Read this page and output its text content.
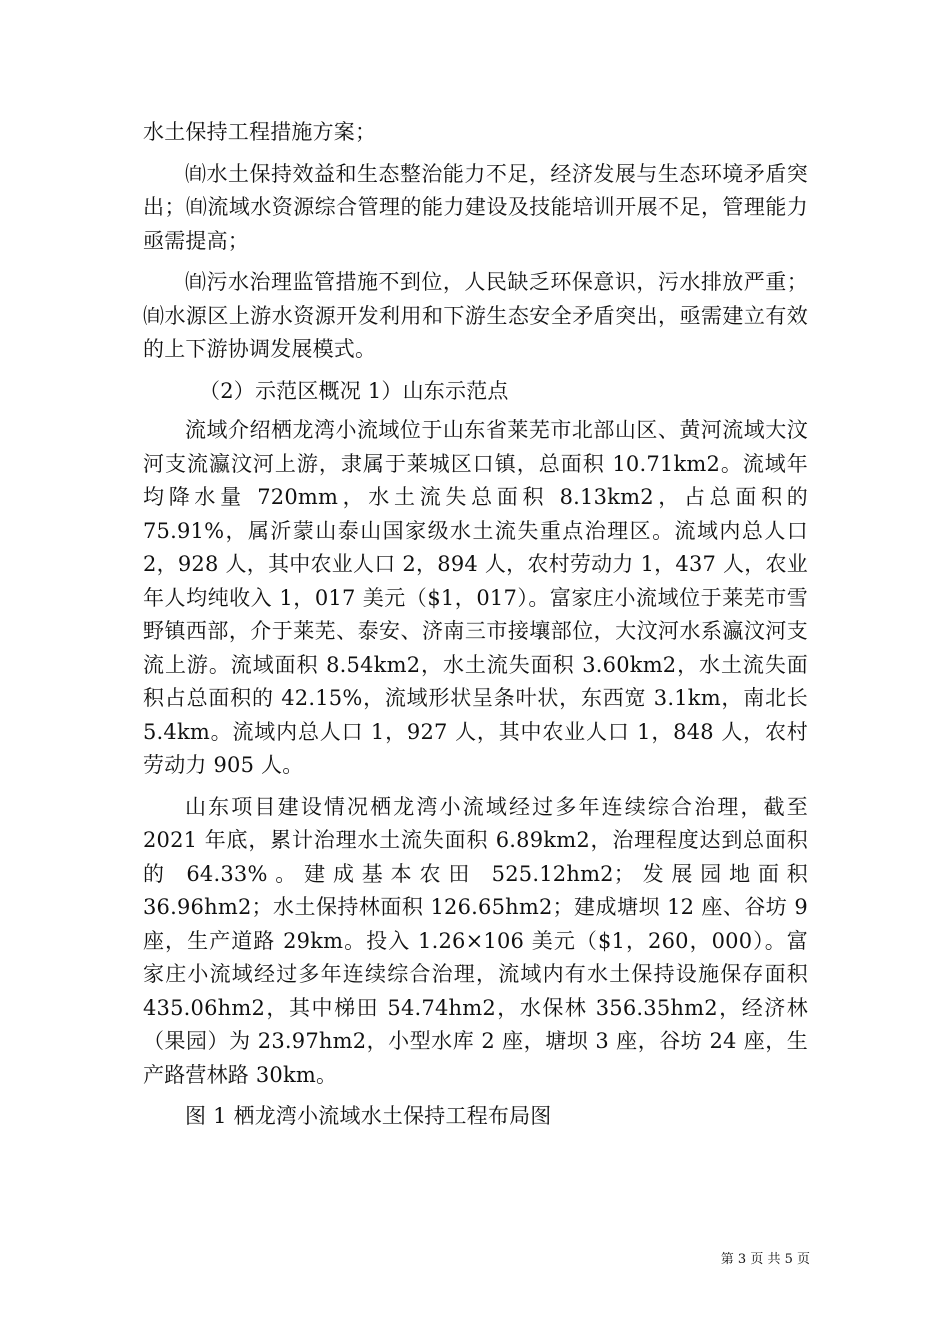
水土保持工程措施方案；

㉂水土保持效益和生态整治能力不足，经济发展与生态环境矛盾突出；㉂流域水资源综合管理的能力建设及技能培训开展不足，管理能力亟需提高；

㉂污水治理监管措施不到位，人民缺乏环保意识，污水排放严重；㉂水源区上游水资源开发利用和下游生态安全矛盾突出，亟需建立有效的上下游协调发展模式。

（2）示范区概况 1）山东示范点

流域介绍栖龙湾小流域位于山东省莱芜市北部山区、黄河流域大汶河支流瀛汶河上游，隶属于莱城区口镇，总面积 10.71km2。流域年均降水量 720mm，水土流失总面积 8.13km2，占总面积的 75.91%，属沂蒙山泰山国家级水土流失重点治理区。流域内总人口 2，928 人，其中农业人口 2，894 人，农村劳动力 1，437 人，农业年人均纯收入 1，017 美元（$1，017）。富家庄小流域位于莱芜市雪野镇西部，介于莱芜、泰安、济南三市接壤部位，大汶河水系瀛汶河支流上游。流域面积 8.54km2，水土流失面积 3.60km2，水土流失面积占总面积的 42.15%，流域形状呈条叶状，东西宽 3.1km，南北长 5.4km。流域内总人口 1，927 人，其中农业人口 1，848 人，农村劳动力 905 人。

山东项目建设情况栖龙湾小流域经过多年连续综合治理，截至 2021 年底，累计治理水土流失面积 6.89km2，治理程度达到总面积的 64.33%。建成基本农田 525.12hm2；发展园地面积 36.96hm2；水土保持林面积 126.65hm2；建成塘坝 12 座、谷坊 9 座，生产道路 29km。投入 1.26×106 美元（$1，260，000）。富家庄小流域经过多年连续综合治理，流域内有水土保持设施保存面积 435.06hm2，其中梯田 54.74hm2，水保林 356.35hm2，经济林（果园）为 23.97hm2，小型水库 2 座，塘坝 3 座，谷坊 24 座，生产路营林路 30km。

图 1 栖龙湾小流域水土保持工程布局图

第 3 页 共 5 页
